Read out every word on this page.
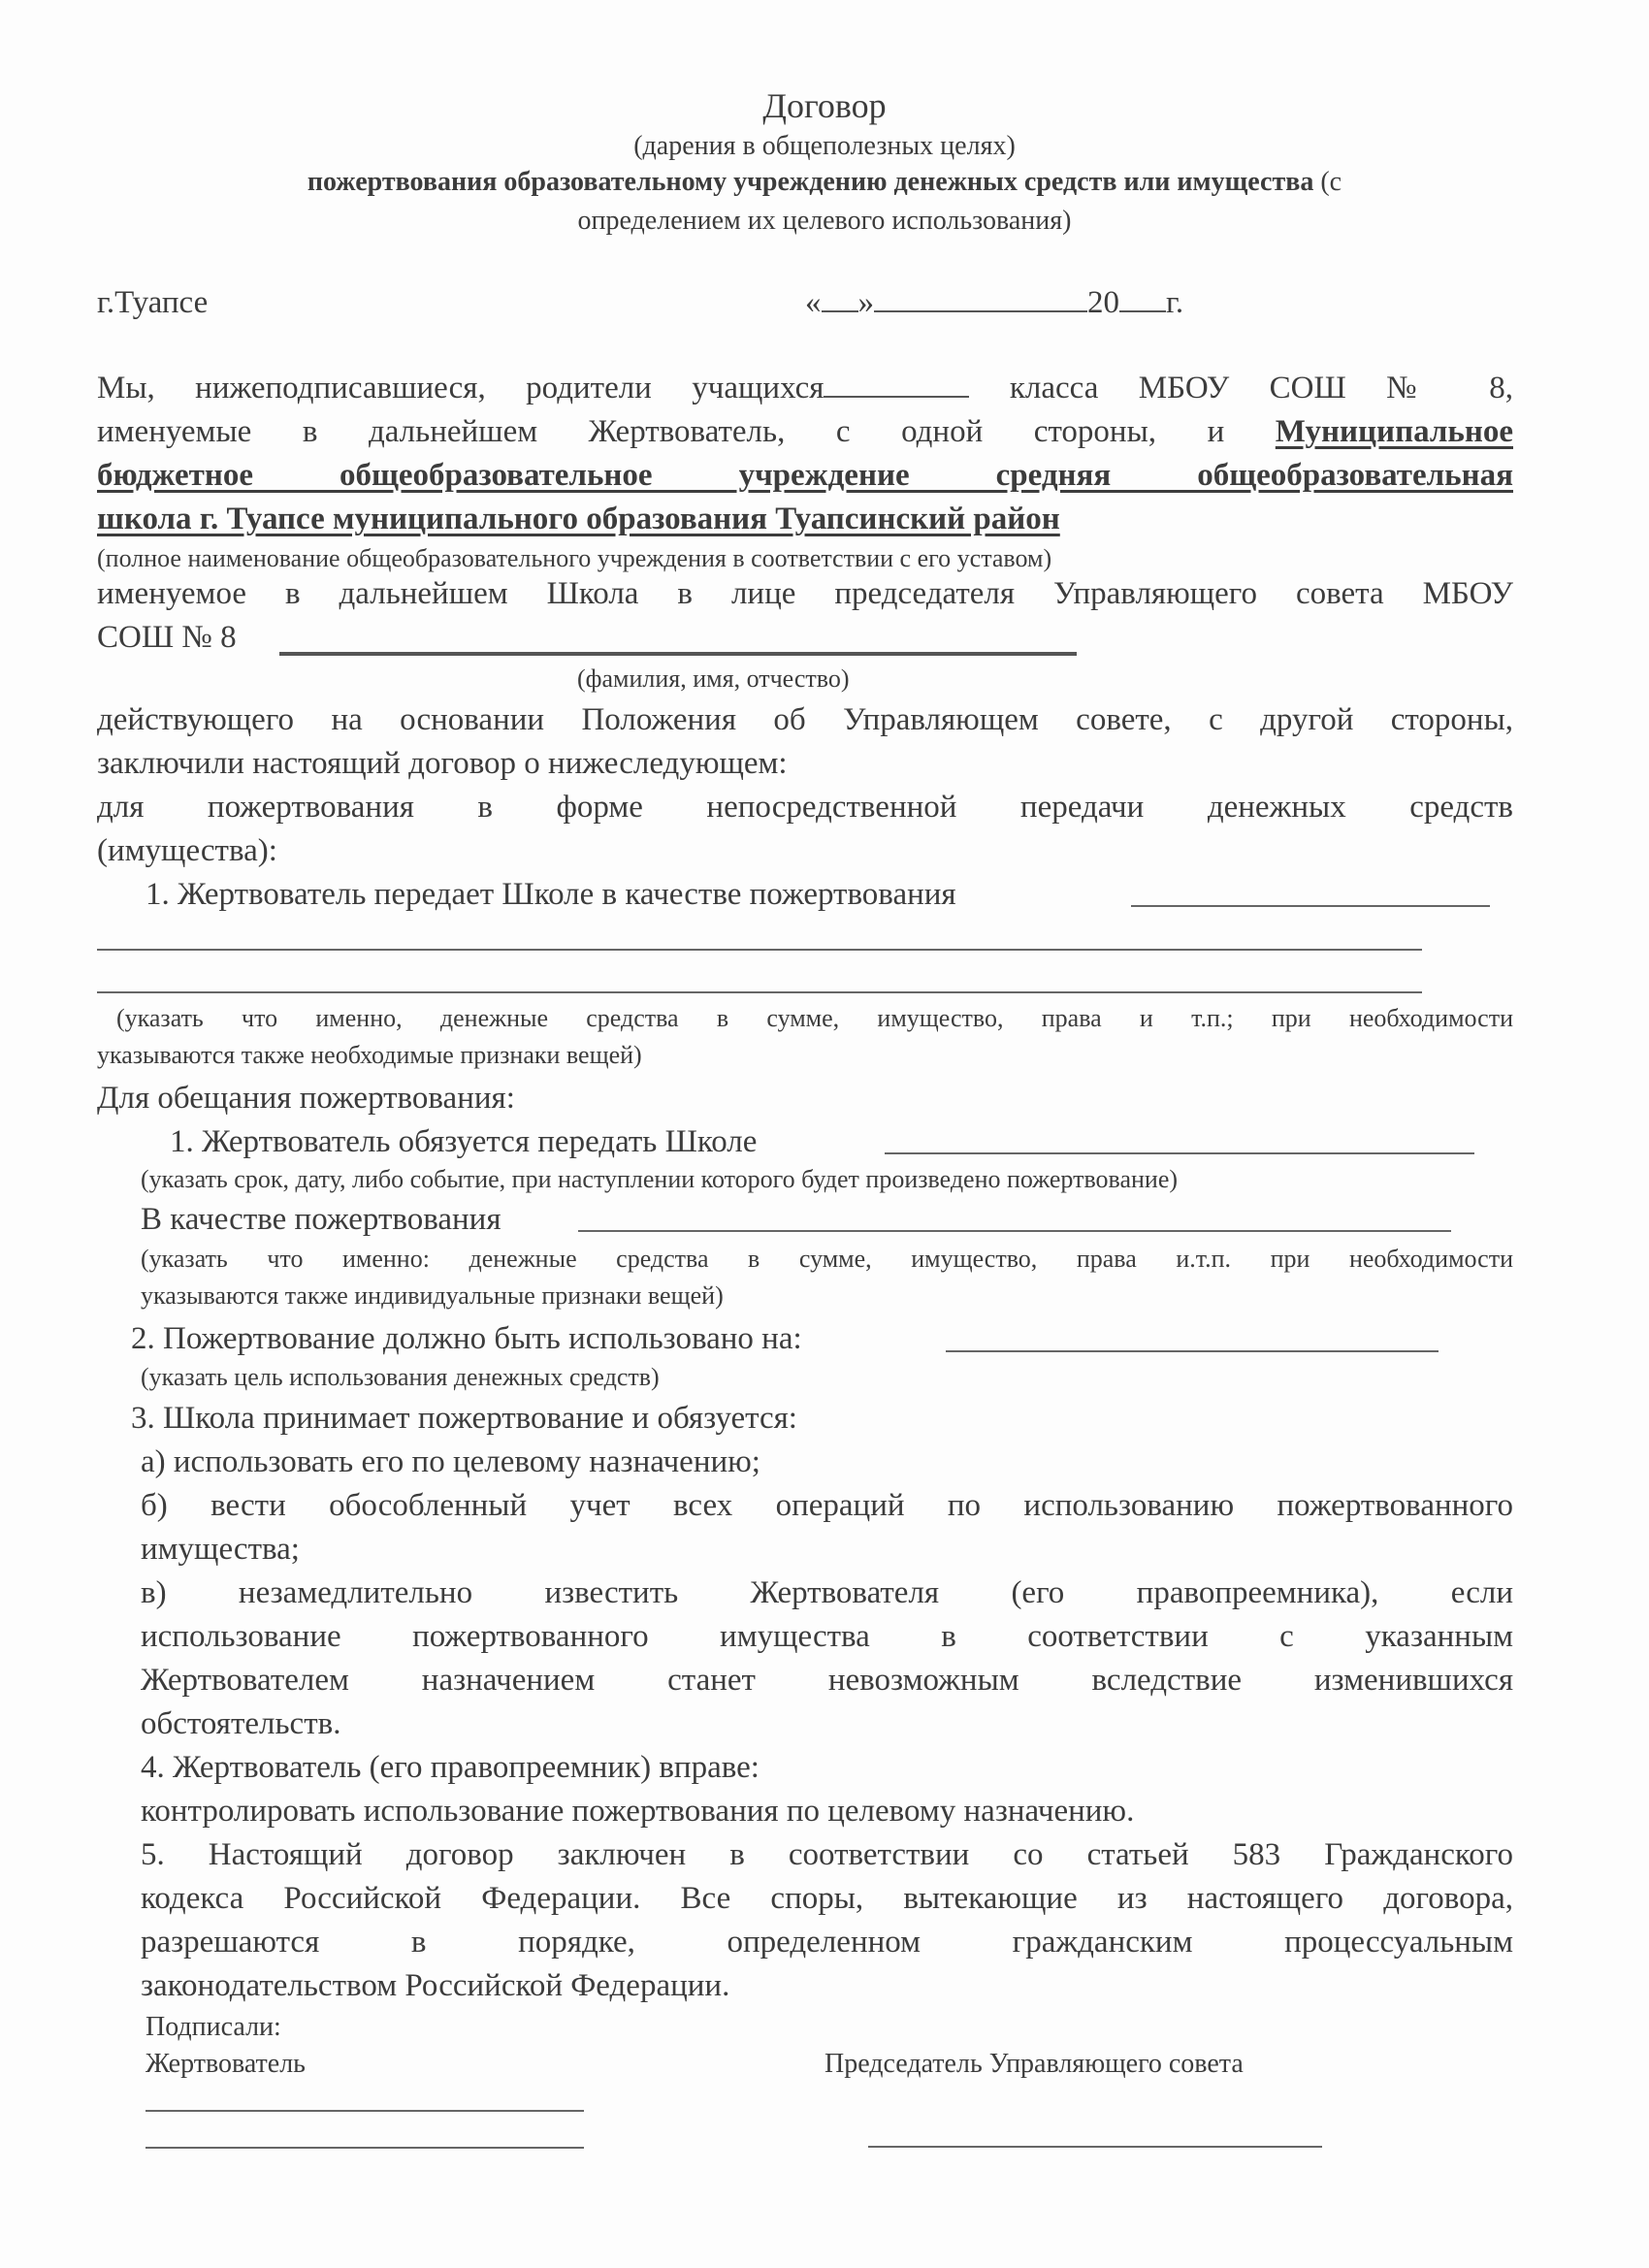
Договор
(дарения в общеполезных целях)
пожертвования образовательному учреждению денежных средств или имущества (с
определением их целевого использования)
г.Туапсе	« »	20 г.
Мы, нижеподписавшиеся, родители учащихся	класса МБОУ СОШ № 8,
именуемые в дальнейшем Жертвователь, с одной стороны, и Муниципальное
бюджетное общеобразовательное учреждение средняя общеобразовательная
школа г. Туапсе муниципального образования Туапсинский район
(полное наименование общеобразовательного учреждения в соответствии с его уставом)
именуемое в дальнейшем Школа в лице председателя Управляющего совета МБОУ
СОШ № 8
(фамилия, имя, отчество)
действующего на основании Положения об Управляющем совете, с другой стороны,
заключили настоящий договор о нижеследующем:
для пожертвования в форме непосредственной передачи денежных средств
(имущества):
1. Жертвователь передает Школе в качестве пожертвования
(указать что именно, денежные средства в сумме, имущество, права и т.п.; при необходимости
указываются также необходимые признаки вещей)
Для обещания пожертвования:
1. Жертвователь обязуется передать Школе
(указать срок, дату, либо событие, при наступлении которого будет произведено пожертвование)
В качестве пожертвования
(указать что именно: денежные средства в сумме, имущество, права и.т.п. при необходимости
указываются также индивидуальные признаки вещей)
2. Пожертвование должно быть использовано на:
(указать цель использования денежных средств)
3. Школа принимает пожертвование и обязуется:
а) использовать его по целевому назначению;
б) вести обособленный учет всех операций по использованию пожертвованного
имущества;
в) незамедлительно известить Жертвователя (его правопреемника), если
использование пожертвованного имущества в соответствии с указанным
Жертвователем назначением станет невозможным вследствие изменившихся
обстоятельств.
4. Жертвователь (его правопреемник) вправе:
контролировать использование пожертвования по целевому назначению.
5. Настоящий договор заключен в соответствии со статьей 583 Гражданского
кодекса Российской Федерации. Все споры, вытекающие из настоящего договора,
разрешаются в порядке, определенном гражданским процессуальным
законодательством Российской Федерации.
Подписали:
Жертвователь	Председатель Управляющего совета
